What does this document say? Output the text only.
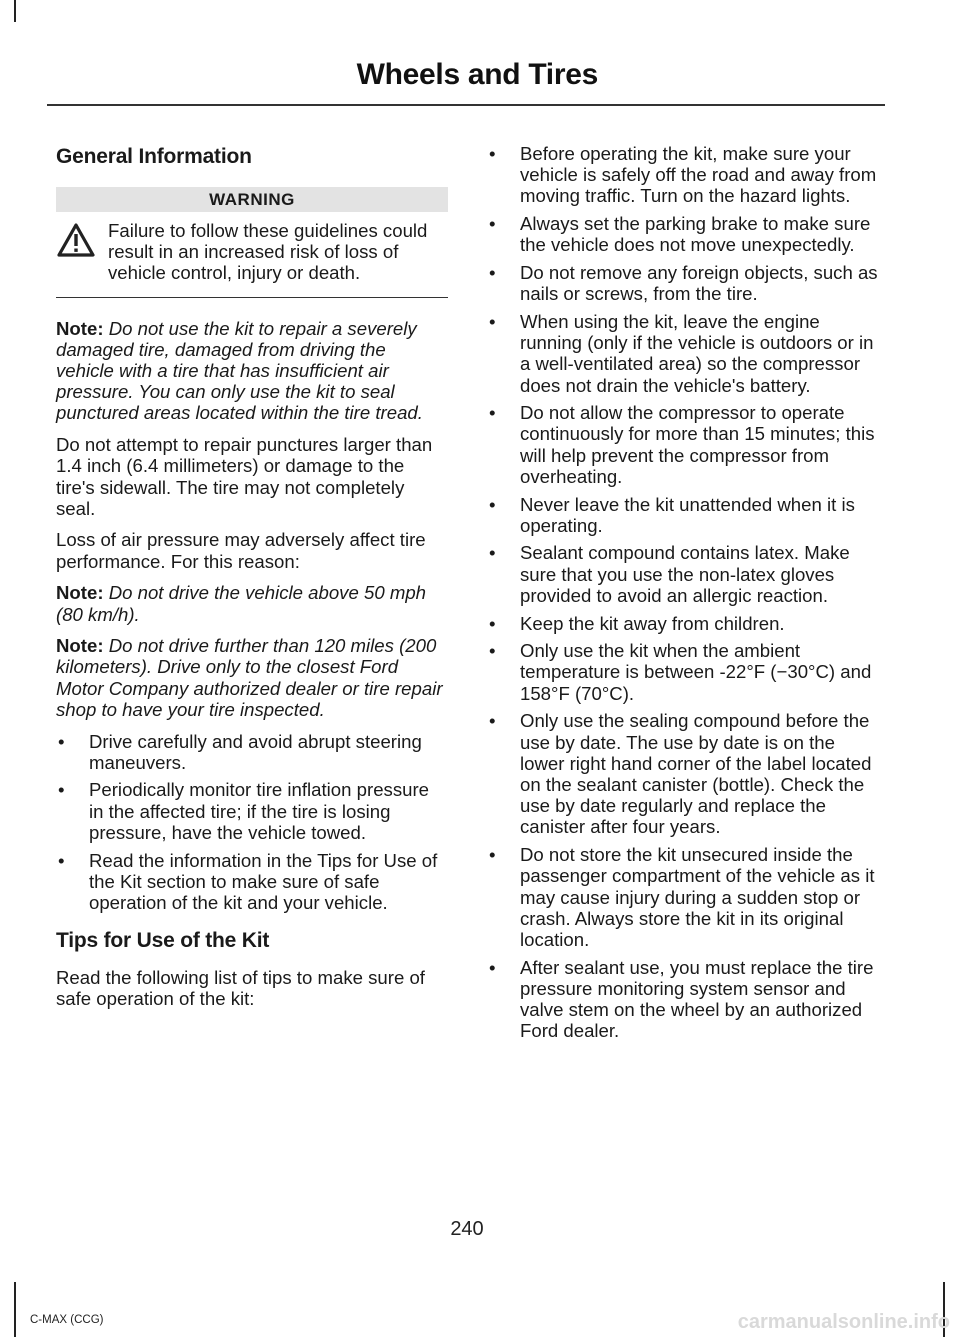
Wheels and Tires
General Information
WARNING
Failure to follow these guidelines could result in an increased risk of loss of vehicle control, injury or death.

Note: Do not use the kit to repair a severely damaged tire, damaged from driving the vehicle with a tire that has insufficient air pressure. You can only use the kit to seal punctured areas located within the tire tread.

Do not attempt to repair punctures larger than 1.4 inch (6.4 millimeters) or damage to the tire's sidewall. The tire may not completely seal.

Loss of air pressure may adversely affect tire performance. For this reason:

Note: Do not drive the vehicle above 50 mph (80 km/h).

Note: Do not drive further than 120 miles (200 kilometers). Drive only to the closest Ford Motor Company authorized dealer or tire repair shop to have your tire inspected.

• Drive carefully and avoid abrupt steering maneuvers.
• Periodically monitor tire inflation pressure in the affected tire; if the tire is losing pressure, have the vehicle towed.
• Read the information in the Tips for Use of the Kit section to make sure of safe operation of the kit and your vehicle.
Tips for Use of the Kit

Read the following list of tips to make sure of safe operation of the kit:

• Before operating the kit, make sure your vehicle is safely off the road and away from moving traffic. Turn on the hazard lights.
• Always set the parking brake to make sure the vehicle does not move unexpectedly.
• Do not remove any foreign objects, such as nails or screws, from the tire.
• When using the kit, leave the engine running (only if the vehicle is outdoors or in a well-ventilated area) so the compressor does not drain the vehicle's battery.
• Do not allow the compressor to operate continuously for more than 15 minutes; this will help prevent the compressor from overheating.
• Never leave the kit unattended when it is operating.
• Sealant compound contains latex. Make sure that you use the non-latex gloves provided to avoid an allergic reaction.
• Keep the kit away from children.
• Only use the kit when the ambient temperature is between -22°F (−30°C) and 158°F (70°C).
• Only use the sealing compound before the use by date. The use by date is on the lower right hand corner of the label located on the sealant canister (bottle). Check the use by date regularly and replace the canister after four years.
• Do not store the kit unsecured inside the passenger compartment of the vehicle as it may cause injury during a sudden stop or crash. Always store the kit in its original location.
• After sealant use, you must replace the tire pressure monitoring system sensor and valve stem on the wheel by an authorized Ford dealer.
240
C-MAX (CCG)	carmanualsonline.info
